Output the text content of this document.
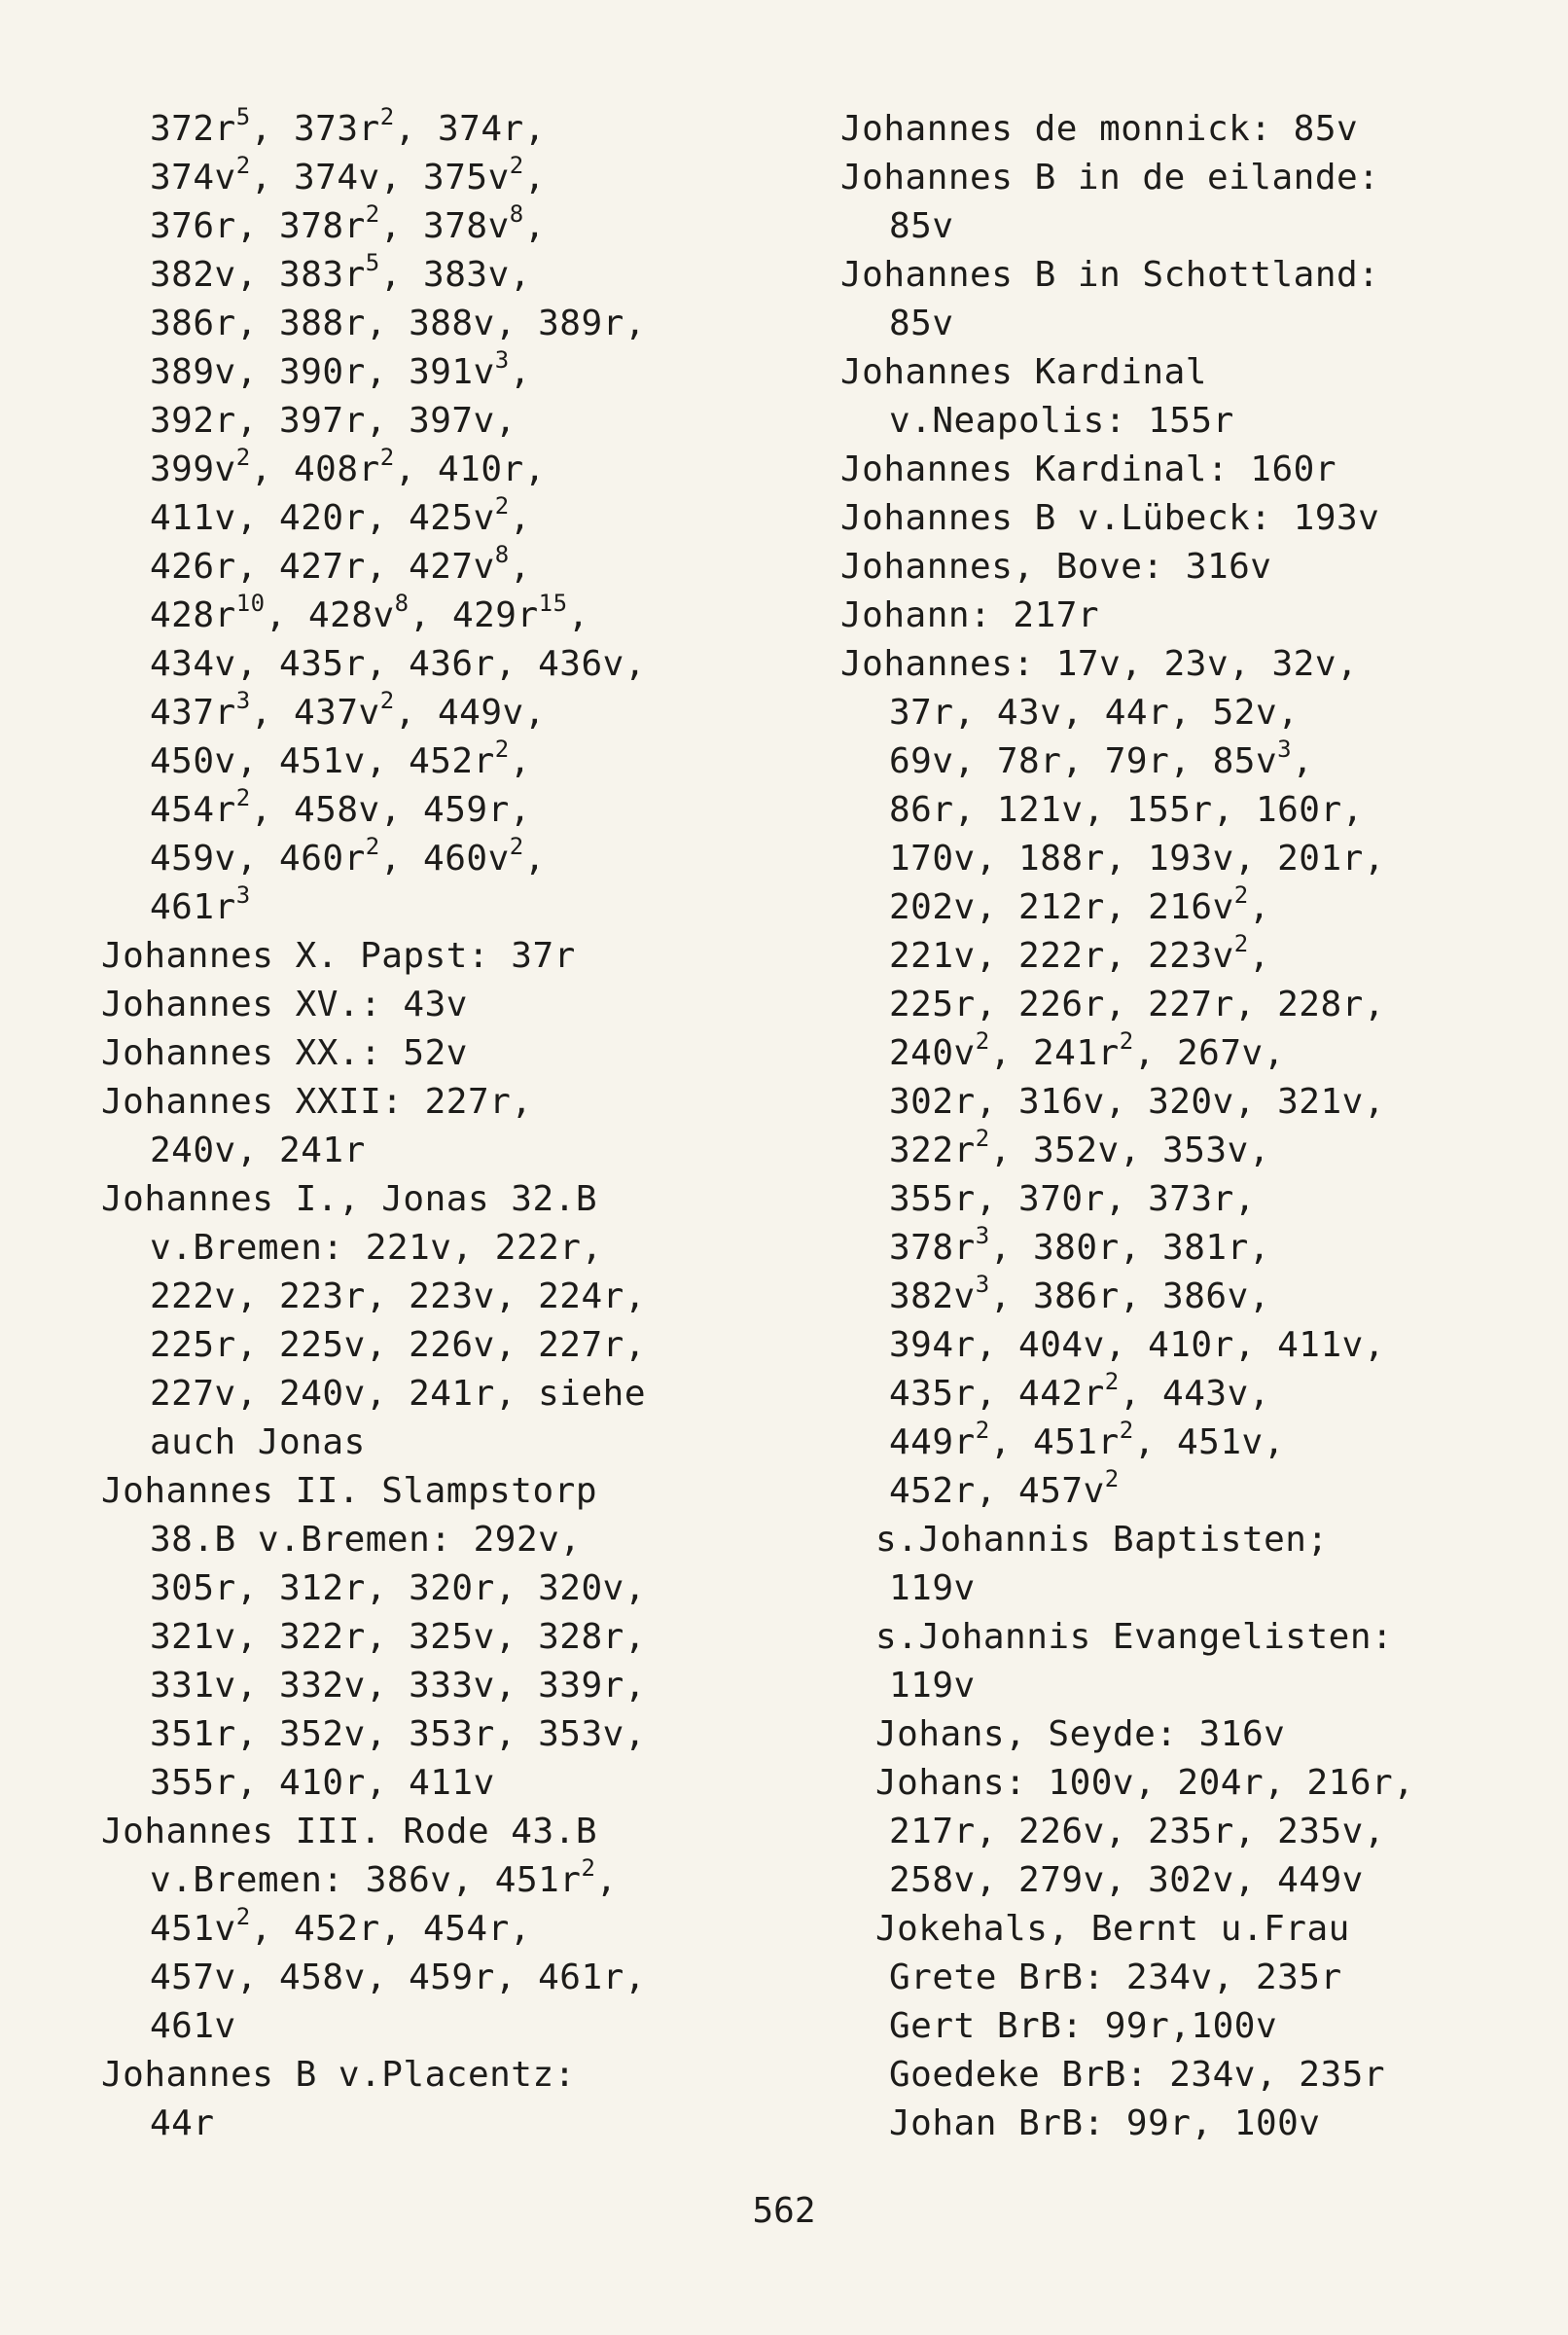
$372r^5$, $373r^2$, 374r,
$374v^2$, 374v, $375v^2$,
376r, $378r^2$, $378v^8$,
382v, $383r^5$, 383v,
386r, 388r, 388v, 389r,
389v, 390r, $391v^3$,
392r, 397r, 397v,
$399v^2$, $408r^2$, 410r,
411v, 420r, $425v^2$,
426r, 427r, $427v^8$,
$428r^{10}$, $428v^8$, $429r^{15}$,
434v, 435r, 436r, 436v,
$437r^3$, $437v^2$, 449v,
450v, 451v, $452r^2$,
$454r^2$, 458v, 459r,
459v, $460r^2$, $460v^2$,
$461r^3$
Johannes X. Papst: 37r
Johannes XV.: 43v
Johannes XX.: 52v
Johannes XXII: 227r,
240v, 241r
Johannes I., Jonas 32.B
v.Bremen: 221v, 222r,
222v, 223r, 223v, 224r,
225r, 225v, 226v, 227r,
227v, 240v, 241r, siehe
auch Jonas
Johannes II. Slampstorp
38.B v.Bremen: 292v,
305r, 312r, 320r, 320v,
321v, 322r, 325v, 328r,
331v, 332v, 333v, 339r,
351r, 352v, 353r, 353v,
355r, 410r, 411v
Johannes III. Rode 43.B
v.Bremen: 386v, $451r^2$,
$451v^2$, 452r, 454r,
457v, 458v, 459r, 461r,
461v
Johannes B v.Placentz:
44r
Johannes de monnick: 85v
Johannes B in de eilande:
85v
Johannes B in Schottland:
85v
Johannes Kardinal
v.Neapolis: 155r
Johannes Kardinal: 160r
Johannes B v.Lübeck: 193v
Johannes, Bove: 316v
Johann: 217r
Johannes: 17v, 23v, 32v,
37r, 43v, 44r, 52v,
69v, 78r, 79r, $85v^3$,
86r, 121v, 155r, 160r,
170v, 188r, 193v, 201r,
202v, 212r, $216v^2$,
221v, 222r, $223v^2$,
225r, 226r, 227r, 228r,
$240v^2$, $241r^2$, 267v,
302r, 316v, 320v, 321v,
$322r^2$, 352v, 353v,
355r, 370r, 373r,
$378r^3$, 380r, 381r,
$382v^3$, 386r, 386v,
394r, 404v, 410r, 411v,
435r, $442r^2$, 443v,
$449r^2$, $451r^2$, 451v,
452r, $457v^2$
s.Johannis Baptisten;
119v
s.Johannis Evangelisten:
119v
Johans, Seyde: 316v
Johans: 100v, 204r, 216r,
217r, 226v, 235r, 235v,
258v, 279v, 302v, 449v
Jokehals, Bernt u.Frau
Grete BrB: 234v, 235r
Gert BrB: 99r,100v
Goedeke BrB: 234v, 235r
Johan BrB: 99r, 100v
562
